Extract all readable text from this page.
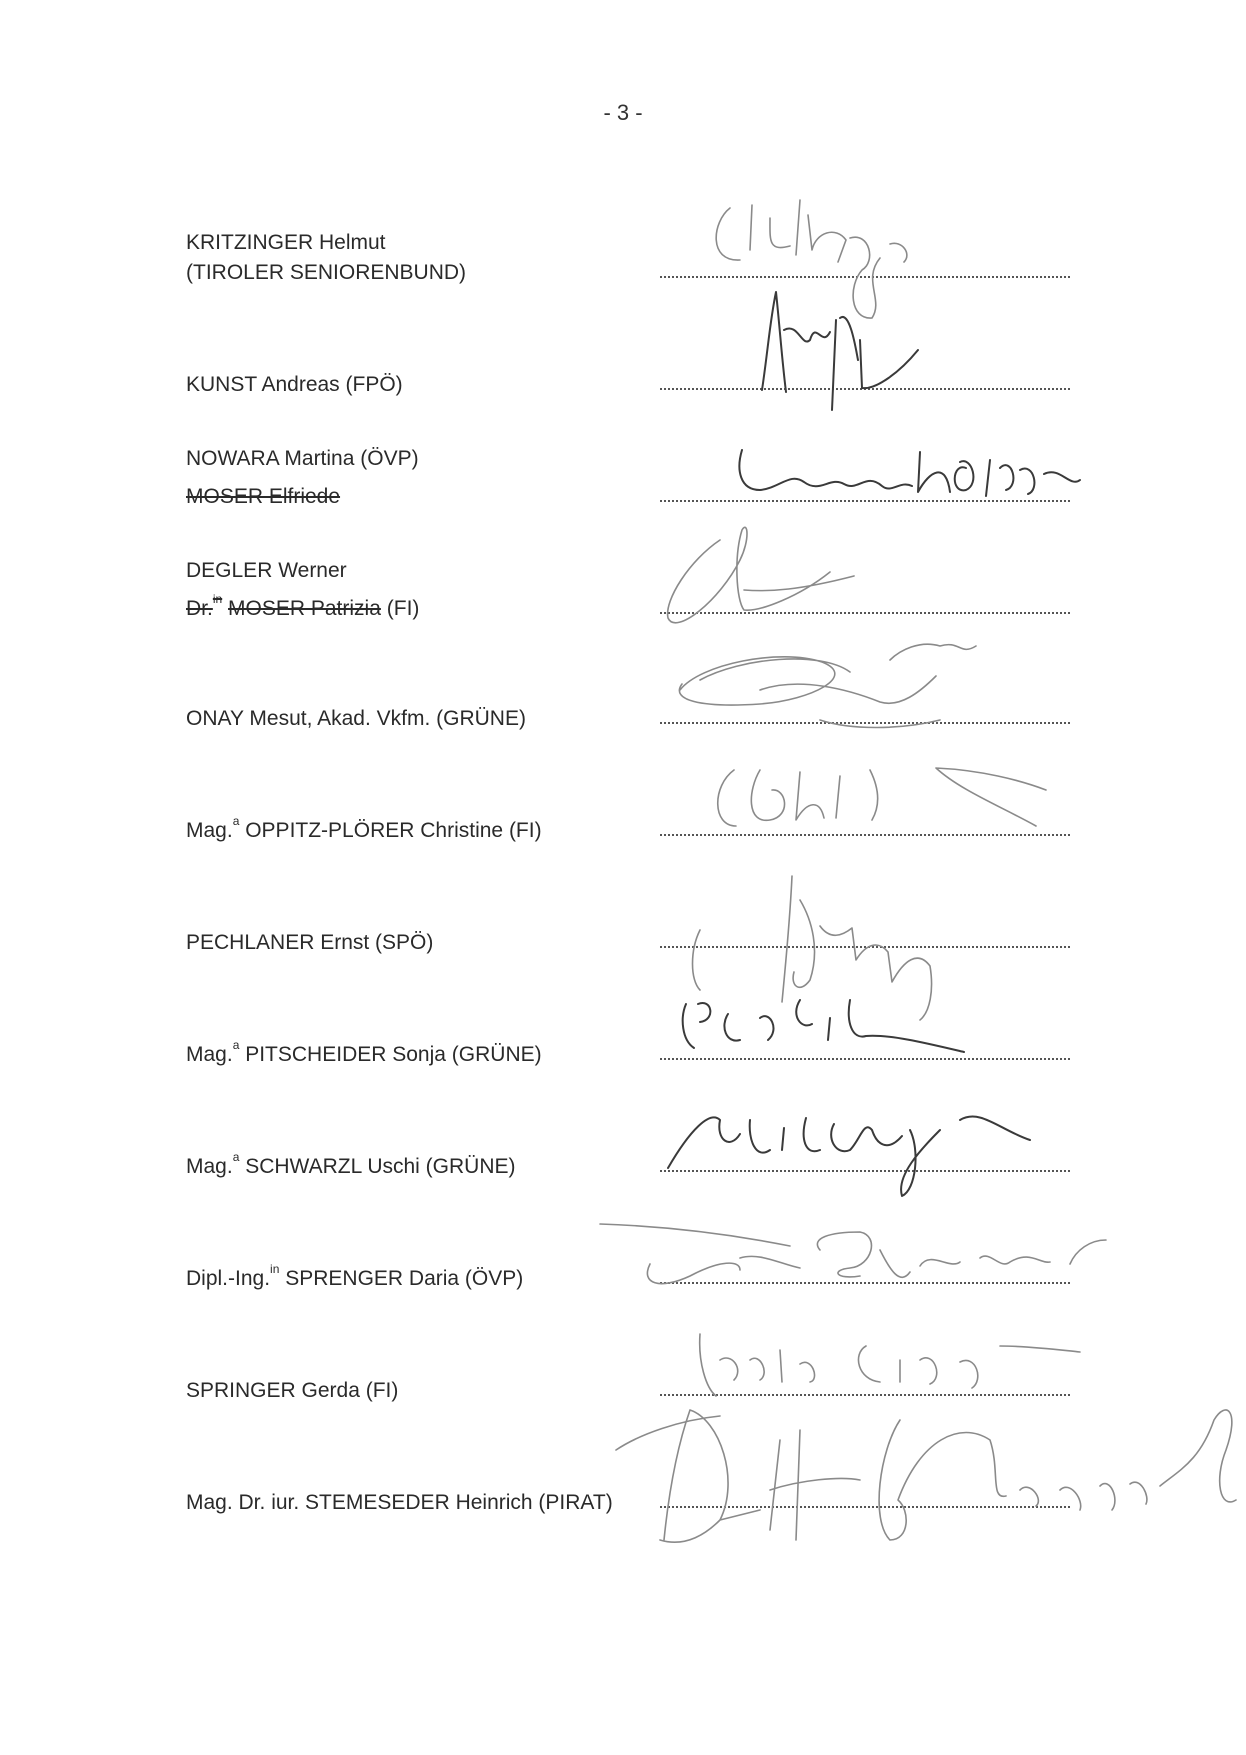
- 3 -
KRITZINGER Helmut
(TIROLER SENIORENBUND)
KUNST Andreas (FPÖ)
NOWARA Martina (ÖVP)
MOSER Elfriede
DEGLER Werner
Dr.$^{in}$ MOSER Patrizia (FI)
ONAY Mesut, Akad. Vkfm. (GRÜNE)
Mag.$^a$ OPPITZ-PLÖRER Christine (FI)
PECHLANER Ernst (SPÖ)
Mag.$^a$ PITSCHEIDER Sonja (GRÜNE)
Mag.$^a$ SCHWARZL Uschi (GRÜNE)
Dipl.-Ing.$^{in}$ SPRENGER Daria (ÖVP)
SPRINGER Gerda (FI)
Mag. Dr. iur. STEMESEDER Heinrich (PIRAT)
